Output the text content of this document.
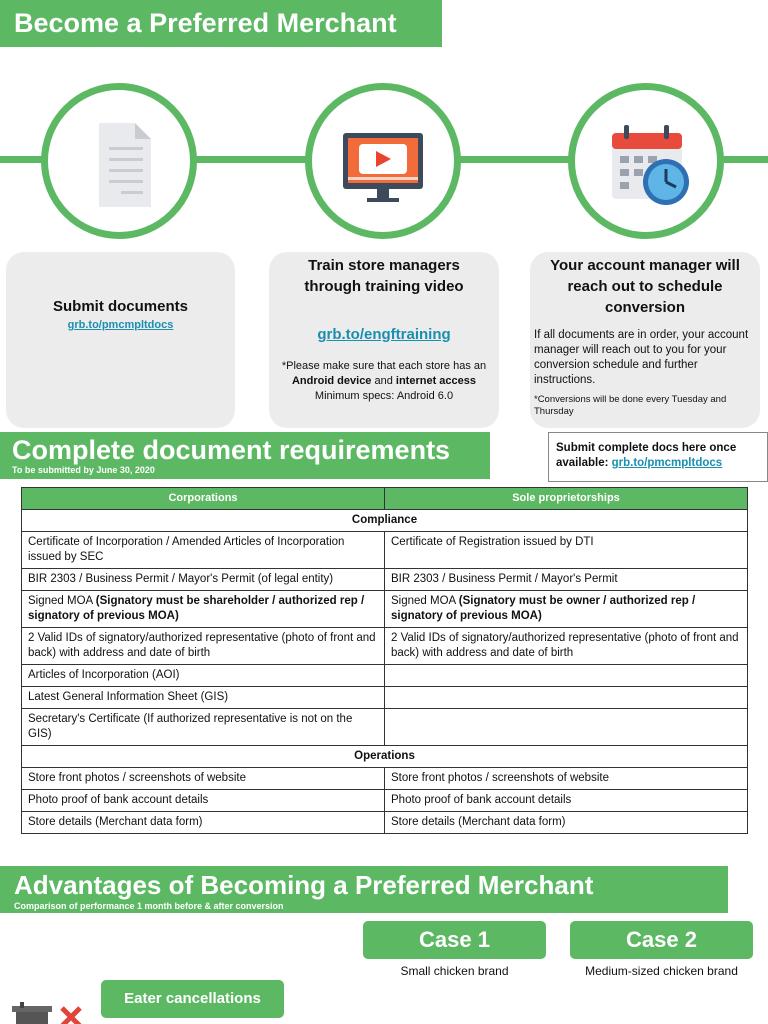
Become a Preferred Merchant
Submit documents
grb.to/pmcmpltdocs
Train store managers
through training video
grb.to/engftraining
*Please make sure that each store has an Android device and internet access
Minimum specs: Android 6.0
Your account manager will
reach out to schedule
conversion
If all documents are in order, your account manager will reach out to you for your conversion schedule and further instructions.
*Conversions will be done every Tuesday and Thursday
Complete document requirements
To be submitted by June 30, 2020
Submit complete docs here once available: grb.to/pmcmpltdocs
Corporations	Sole proprietorships
Compliance	
Certificate of Incorporation / Amended Articles of Incorporation issued by SEC	Certificate of Registration issued by DTI
BIR 2303 / Business Permit / Mayor's Permit (of legal entity)	BIR 2303 / Business Permit / Mayor's Permit
Signed MOA (Signatory must be shareholder / authorized rep / signatory of previous MOA)	Signed MOA (Signatory must be owner / authorized rep / signatory of previous MOA)
2 Valid IDs of signatory/authorized representative (photo of front and back) with address and date of birth	2 Valid IDs of signatory/authorized representative (photo of front and back) with address and date of birth
Articles of Incorporation (AOI)	
Latest General Information Sheet (GIS)	
Secretary's Certificate (If authorized representative is not on the GIS)	
Operations	
Store front photos / screenshots of website	Store front photos / screenshots of website
Photo proof of bank account details	Photo proof of bank account details
Store details (Merchant data form)	Store details (Merchant data form)
Advantages of Becoming a Preferred Merchant
Comparison of performance 1 month before & after conversion
Case 1	Case 2
Small chicken brand	Medium-sized chicken brand
Eater cancellations
